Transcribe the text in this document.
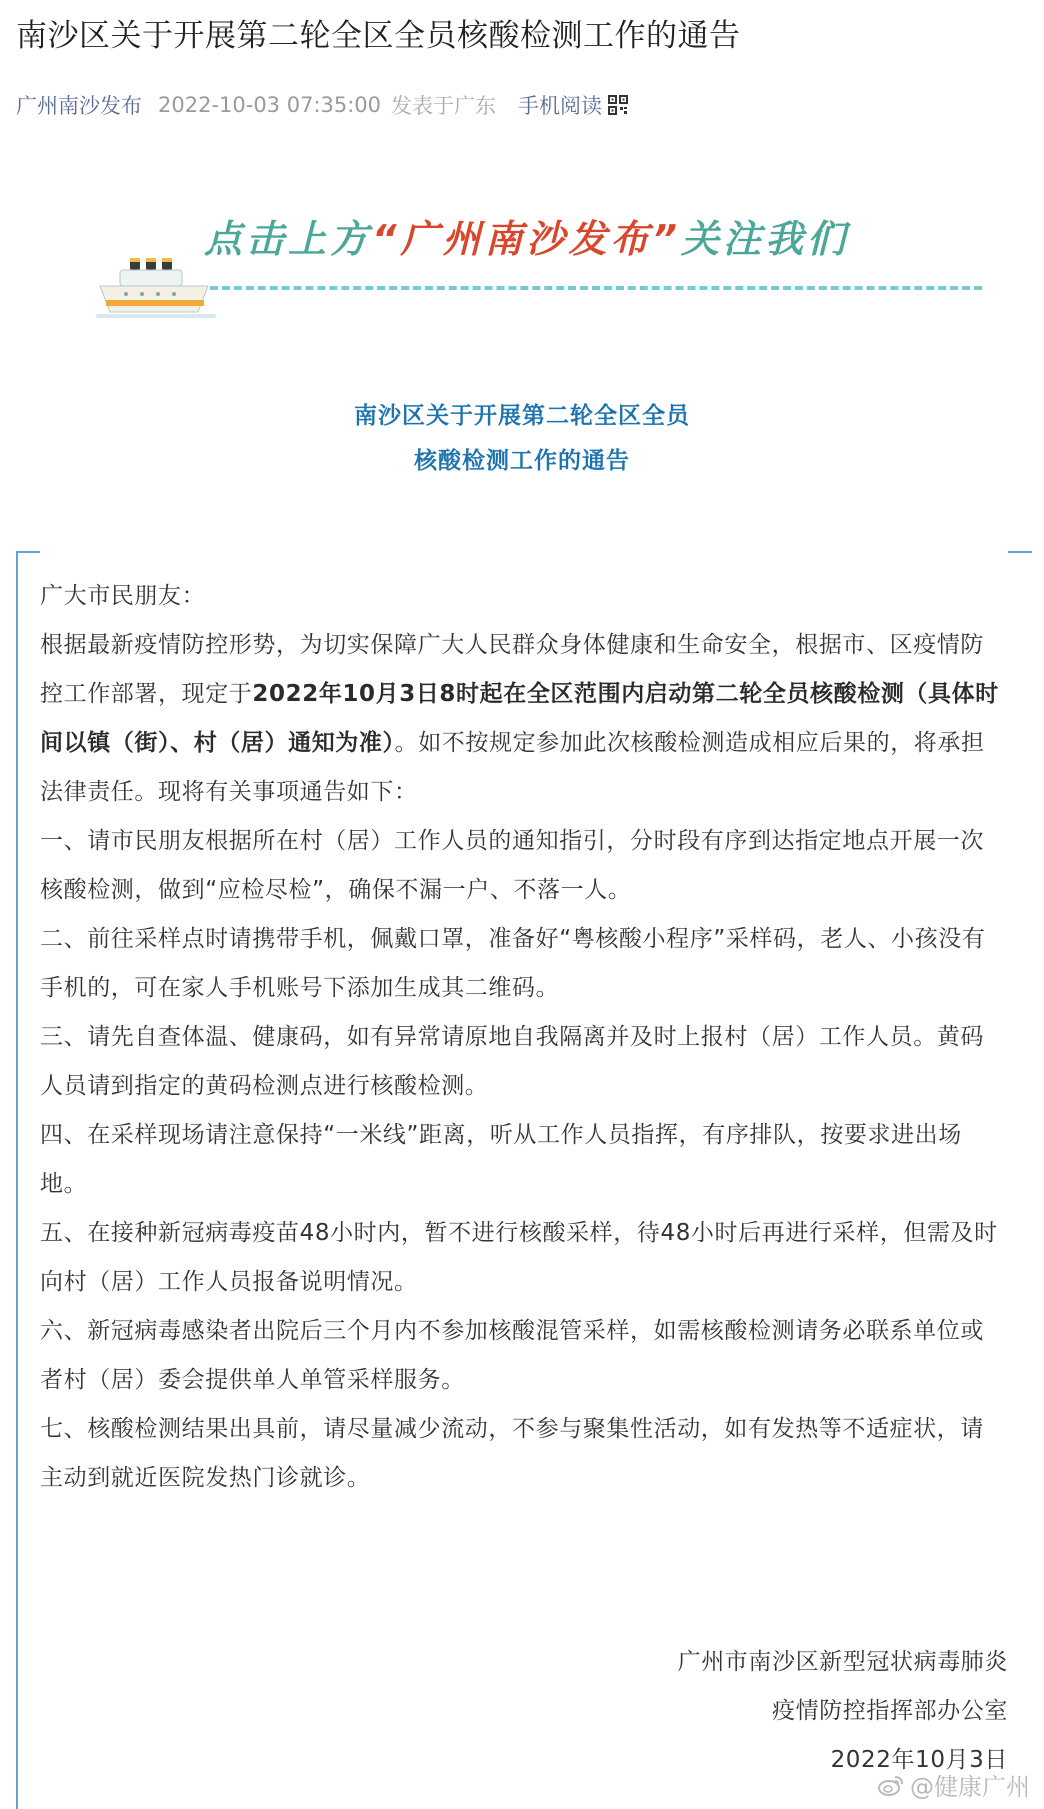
南沙区关于开展第二轮全区全员核酸检测工作的通告
广州南沙发布 2022-10-03 07:35:00 发表于广东 手机阅读
点击上方“广州南沙发布”关注我们
南沙区关于开展第二轮全区全员
核酸检测工作的通告

广大市民朋友：

根据最新疫情防控形势，为切实保障广大人民群众身体健康和生命安全，根据市、区疫情防控工作部署，现定于2022年10月3日8时起在全区范围内启动第二轮全员核酸检测（具体时间以镇（街）、村（居）通知为准）。如不按规定参加此次核酸检测造成相应后果的，将承担法律责任。现将有关事项通告如下：

一、请市民朋友根据所在村（居）工作人员的通知指引，分时段有序到达指定地点开展一次核酸检测，做到“应检尽检”，确保不漏一户、不落一人。

二、前往采样点时请携带手机，佩戴口罩，准备好“粤核酸小程序”采样码，老人、小孩没有手机的，可在家人手机账号下添加生成其二维码。

三、请先自查体温、健康码，如有异常请原地自我隔离并及时上报村（居）工作人员。黄码人员请到指定的黄码检测点进行核酸检测。

四、在采样现场请注意保持“一米线”距离，听从工作人员指挥，有序排队，按要求进出场地。

五、在接种新冠病毒疫苗48小时内，暂不进行核酸采样，待48小时后再进行采样，但需及时向村（居）工作人员报备说明情况。

六、新冠病毒感染者出院后三个月内不参加核酸混管采样，如需核酸检测请务必联系单位或者村（居）委会提供单人单管采样服务。

七、核酸检测结果出具前，请尽量减少流动，不参与聚集性活动，如有发热等不适症状，请主动到就近医院发热门诊就诊。

广州市南沙区新型冠状病毒肺炎
疫情防控指挥部办公室
2022年10月3日
@健康广州
